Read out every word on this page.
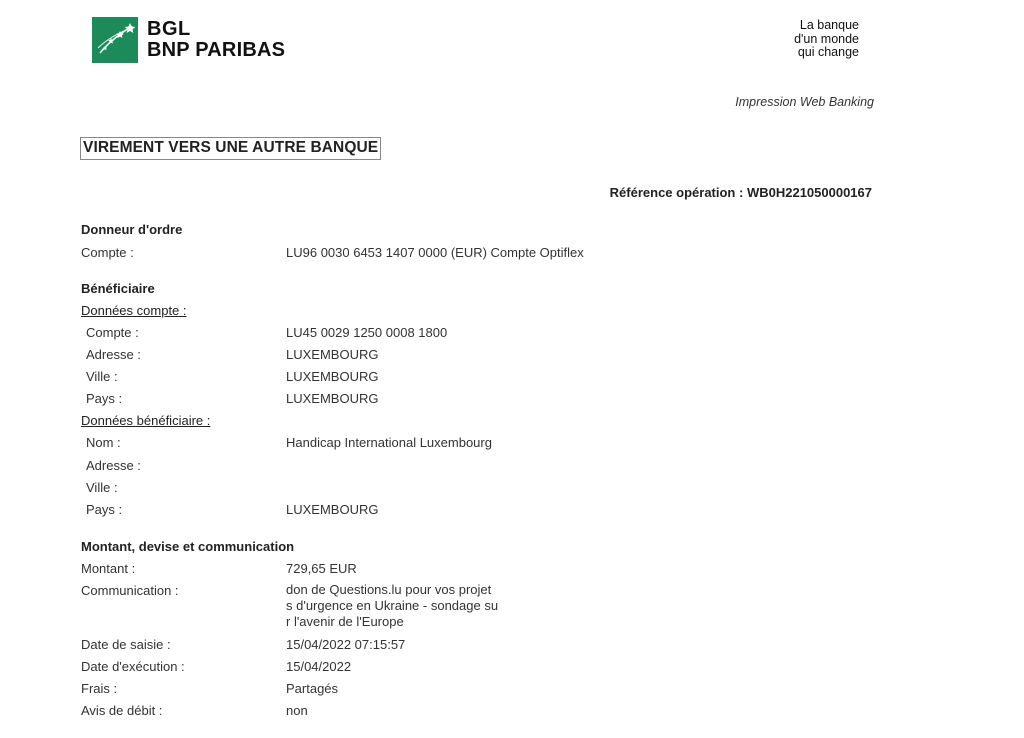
BGL
BNP PARIBAS
La banque
d'un monde
qui change
Impression Web Banking
VIREMENT VERS UNE AUTRE BANQUE
Référence opération : WB0H221050000167
Donneur d'ordre
Compte :	LU96 0030 6453 1407 0000 (EUR) Compte Optiflex
Bénéficiaire
Données compte :
Compte :	LU45 0029 1250 0008 1800
Adresse :	LUXEMBOURG
Ville :	LUXEMBOURG
Pays :	LUXEMBOURG
Données bénéficiaire :
Nom :	Handicap International Luxembourg
Adresse :
Ville :
Pays :	LUXEMBOURG
Montant, devise et communication
Montant :	729,65 EUR
Communication :	don de Questions.lu pour vos projet
s d'urgence en Ukraine - sondage su
r l'avenir de l'Europe
Date de saisie :	15/04/2022 07:15:57
Date d'exécution :	15/04/2022
Frais :	Partagés
Avis de débit :	non
